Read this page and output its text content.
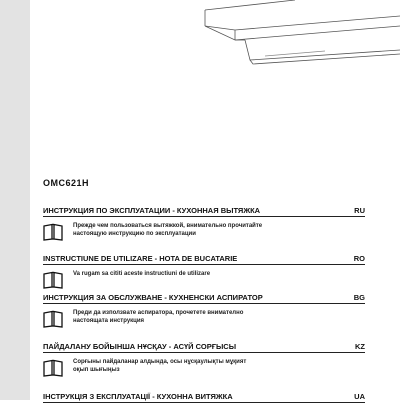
OMC621H
ИНСТРУКЦИЯ ПО ЭКСПЛУАТАЦИИ - КУХОННАЯ ВЫТЯЖКА	RU
Прежде чем пользоваться вытяжкой, внимательно прочитайте
настоящую инструкцию по эксплуатации
INSTRUCTIUNE DE UTILIZARE - HOTA DE BUCATARIE	RO
Va rugam sa cititi aceste instructiuni de utilizare
ИНСТРУКЦИЯ ЗА ОБСЛУЖВАНЕ - КУХНЕНСКИ АСПИРАТОР	BG
Преди да използвате аспиратора, прочетете внимателно
настоящата инструкция
ПАЙДАЛАНУ БОЙЫНША НҰСҚАУ - АСҮЙ СОРҒЫСЫ	KZ
Сорғыны пайдаланар алдында, осы нұсқаулықты мұқият
оқып шығыңыз
ІНСТРУКЦІЯ З ЕКСПЛУАТАЦІЇ - КУХОННА ВИТЯЖКА	UA
